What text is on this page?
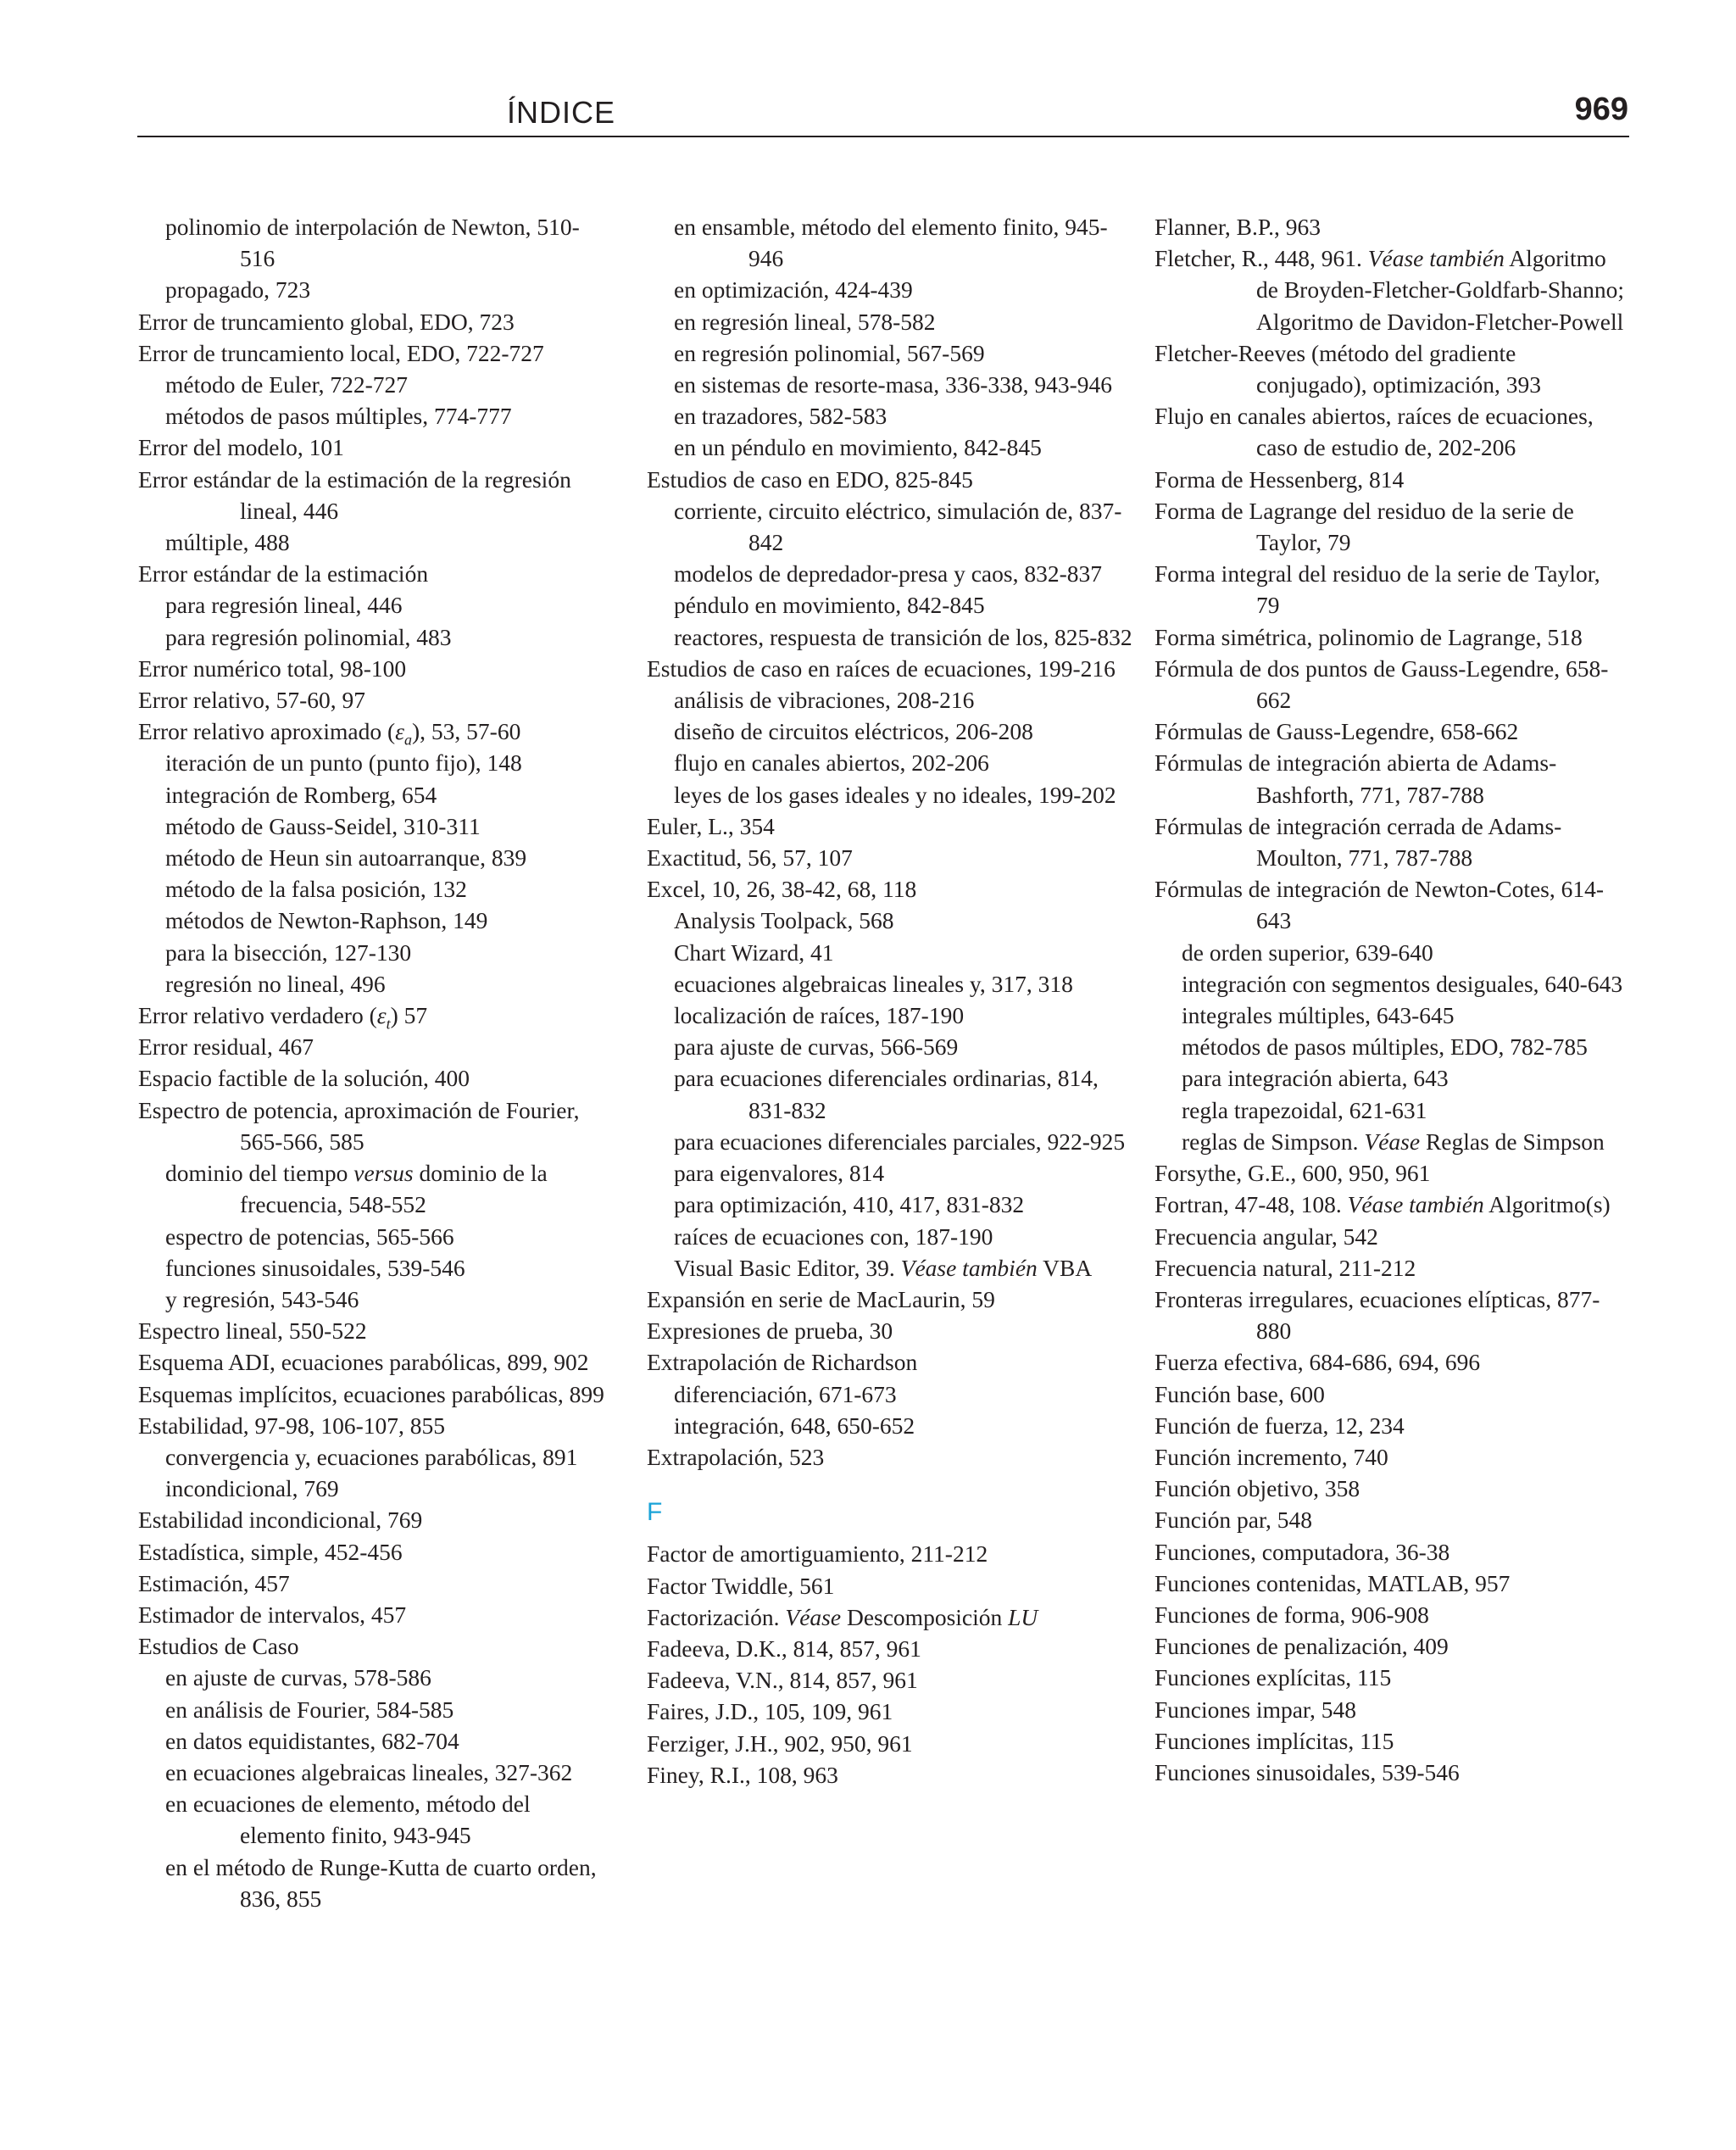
ÍNDICE	969
polinomio de interpolación de Newton, 510-516
propagado, 723
Error de truncamiento global, EDO, 723
Error de truncamiento local, EDO, 722-727
método de Euler, 722-727
métodos de pasos múltiples, 774-777
Error del modelo, 101
Error estándar de la estimación de la regresión lineal, 446
múltiple, 488
Error estándar de la estimación
para regresión lineal, 446
para regresión polinomial, 483
Error numérico total, 98-100
Error relativo, 57-60, 97
Error relativo aproximado $(\varepsilon_a)$, 53, 57-60
iteración de un punto (punto fijo), 148
integración de Romberg, 654
método de Gauss-Seidel, 310-311
método de Heun sin autoarranque, 839
método de la falsa posición, 132
métodos de Newton-Raphson, 149
para la bisección, 127-130
regresión no lineal, 496
Error relativo verdadero $(\varepsilon_t)$ 57
Error residual, 467
Espacio factible de la solución, 400
Espectro de potencia, aproximación de Fourier, 565-566, 585
dominio del tiempo versus dominio de la frecuencia, 548-552
espectro de potencias, 565-566
funciones sinusoidales, 539-546
y regresión, 543-546
Espectro lineal, 550-522
Esquema ADI, ecuaciones parabólicas, 899, 902
Esquemas implícitos, ecuaciones parabólicas, 899
Estabilidad, 97-98, 106-107, 855
convergencia y, ecuaciones parabólicas, 891
incondicional, 769
Estabilidad incondicional, 769
Estadística, simple, 452-456
Estimación, 457
Estimador de intervalos, 457
Estudios de Caso
en ajuste de curvas, 578-586
en análisis de Fourier, 584-585
en datos equidistantes, 682-704
en ecuaciones algebraicas lineales, 327-362
en ecuaciones de elemento, método del elemento finito, 943-945
en el método de Runge-Kutta de cuarto orden, 836, 855
en ensamble, método del elemento finito, 945-946
en optimización, 424-439
en regresión lineal, 578-582
en regresión polinomial, 567-569
en sistemas de resorte-masa, 336-338, 943-946
en trazadores, 582-583
en un péndulo en movimiento, 842-845
Estudios de caso en EDO, 825-845
corriente, circuito eléctrico, simulación de, 837-842
modelos de depredador-presa y caos, 832-837
péndulo en movimiento, 842-845
reactores, respuesta de transición de los, 825-832
Estudios de caso en raíces de ecuaciones, 199-216
análisis de vibraciones, 208-216
diseño de circuitos eléctricos, 206-208
flujo en canales abiertos, 202-206
leyes de los gases ideales y no ideales, 199-202
Euler, L., 354
Exactitud, 56, 57, 107
Excel, 10, 26, 38-42, 68, 118
Analysis Toolpack, 568
Chart Wizard, 41
ecuaciones algebraicas lineales y, 317, 318
localización de raíces, 187-190
para ajuste de curvas, 566-569
para ecuaciones diferenciales ordinarias, 814, 831-832
para ecuaciones diferenciales parciales, 922-925
para eigenvalores, 814
para optimización, 410, 417, 831-832
raíces de ecuaciones con, 187-190
Visual Basic Editor, 39. Véase también VBA
Expansión en serie de MacLaurin, 59
Expresiones de prueba, 30
Extrapolación de Richardson
diferenciación, 671-673
integración, 648, 650-652
Extrapolación, 523
F
Factor de amortiguamiento, 211-212
Factor Twiddle, 561
Factorización. Véase Descomposición LU
Fadeeva, D.K., 814, 857, 961
Fadeeva, V.N., 814, 857, 961
Faires, J.D., 105, 109, 961
Ferziger, J.H., 902, 950, 961
Finey, R.I., 108, 963
Flanner, B.P., 963
Fletcher, R., 448, 961. Véase también Algoritmo de Broyden-Fletcher-Goldfarb-Shanno; Algoritmo de Davidon-Fletcher-Powell
Fletcher-Reeves (método del gradiente conjugado), optimización, 393
Flujo en canales abiertos, raíces de ecuaciones, caso de estudio de, 202-206
Forma de Hessenberg, 814
Forma de Lagrange del residuo de la serie de Taylor, 79
Forma integral del residuo de la serie de Taylor, 79
Forma simétrica, polinomio de Lagrange, 518
Fórmula de dos puntos de Gauss-Legendre, 658-662
Fórmulas de Gauss-Legendre, 658-662
Fórmulas de integración abierta de Adams-Bashforth, 771, 787-788
Fórmulas de integración cerrada de Adams-Moulton, 771, 787-788
Fórmulas de integración de Newton-Cotes, 614-643
de orden superior, 639-640
integración con segmentos desiguales, 640-643
integrales múltiples, 643-645
métodos de pasos múltiples, EDO, 782-785
para integración abierta, 643
regla trapezoidal, 621-631
reglas de Simpson. Véase Reglas de Simpson
Forsythe, G.E., 600, 950, 961
Fortran, 47-48, 108. Véase también Algoritmo(s)
Frecuencia angular, 542
Frecuencia natural, 211-212
Fronteras irregulares, ecuaciones elípticas, 877-880
Fuerza efectiva, 684-686, 694, 696
Función base, 600
Función de fuerza, 12, 234
Función incremento, 740
Función objetivo, 358
Función par, 548
Funciones, computadora, 36-38
Funciones contenidas, MATLAB, 957
Funciones de forma, 906-908
Funciones de penalización, 409
Funciones explícitas, 115
Funciones impar, 548
Funciones implícitas, 115
Funciones sinusoidales, 539-546
